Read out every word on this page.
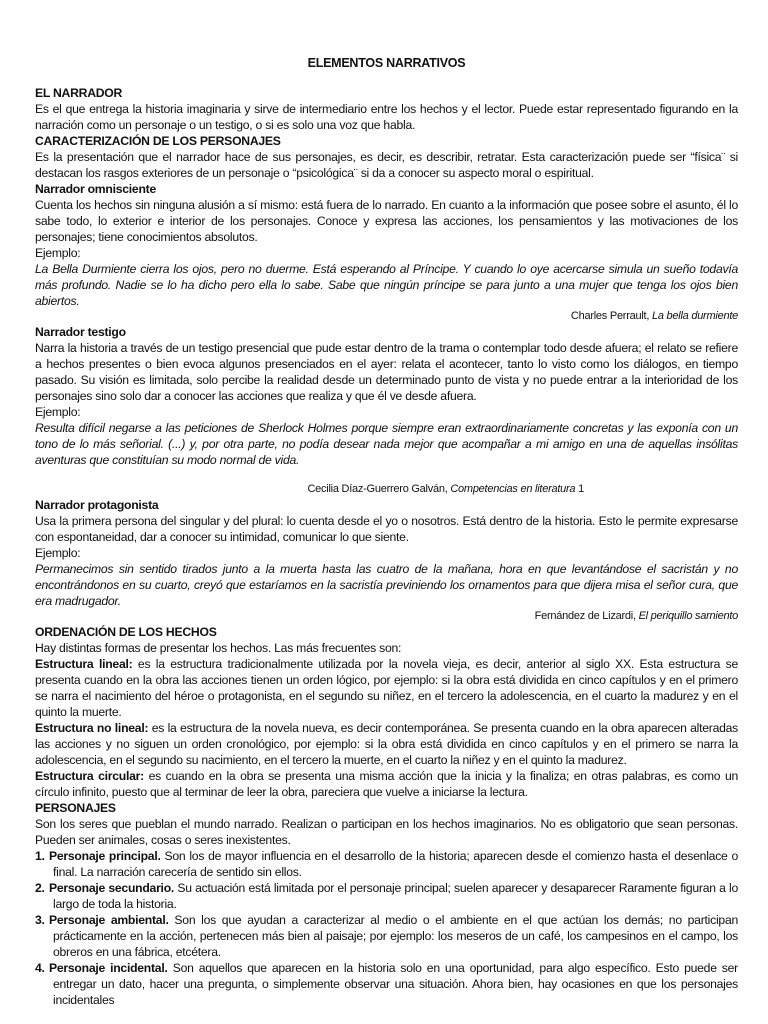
ELEMENTOS NARRATIVOS
EL NARRADOR

Es el que entrega la historia imaginaria y sirve de intermediario entre los hechos y el lector. Puede estar representado figurando en la narración como un personaje o un testigo, o si es solo una voz que habla.

CARACTERIZACIÓN DE LOS PERSONAJES

Es la presentación que el narrador hace de sus personajes, es decir, es describir, retratar. Esta caracterización puede ser “física¨ si destacan los rasgos exteriores de un personaje o “psicológica¨ si da a conocer su aspecto moral o espiritual.

Narrador omnisciente

Cuenta los hechos sin ninguna alusión a sí mismo: está fuera de lo narrado. En cuanto a la información que posee sobre el asunto, él lo sabe todo, lo exterior e interior de los personajes. Conoce y expresa las acciones, los pensamientos y las motivaciones de los personajes; tiene conocimientos absolutos.

Ejemplo:

La Bella Durmiente cierra los ojos, pero no duerme. Está esperando al Príncipe. Y cuando lo oye acercarse simula un sueño todavía más profundo. Nadie se lo ha dicho pero ella lo sabe. Sabe que ningún príncipe se para junto a una mujer que tenga los ojos bien abiertos.

Charles Perrault, La bella durmiente

Narrador testigo

Narra la historia a través de un testigo presencial que pude estar dentro de la trama o contemplar todo desde afuera; el relato se refiere a hechos presentes o bien evoca algunos presenciados en el ayer: relata el acontecer, tanto lo visto como los diálogos, en tiempo pasado. Su visión es limitada, solo percibe la realidad desde un determinado punto de vista y no puede entrar a la interioridad de los personajes sino solo dar a conocer las acciones que realiza y que él ve desde afuera.

Ejemplo:

Resulta difícil negarse a las peticiones de Sherlock Holmes porque siempre eran extraordinariamente concretas y las exponía con un tono de lo más señorial. (...) y, por otra parte, no podía desear nada mejor que acompañar a mi amigo en una de aquellas insólitas aventuras que constituían su modo normal de vida.

Cecilia Díaz-Guerrero Galván, Competencias en literatura 1

Narrador protagonista

Usa la primera persona del singular y del plural: lo cuenta desde el yo o nosotros. Está dentro de la historia. Esto le permite expresarse con espontaneidad, dar a conocer su intimidad, comunicar lo que siente.

Ejemplo:

Permanecimos sin sentido tirados junto a la muerta hasta las cuatro de la mañana, hora en que levantándose el sacristán y no encontrándonos en su cuarto, creyó que estaríamos en la sacristía previniendo los ornamentos para que dijera misa el señor cura, que era madrugador.

Fernández de Lizardi, El periquillo sarniento

ORDENACIÓN DE LOS HECHOS

Hay distintas formas de presentar los hechos. Las más frecuentes son:

Estructura lineal: es la estructura tradicionalmente utilizada por la novela vieja, es decir, anterior al siglo XX. Esta estructura se presenta cuando en la obra las acciones tienen un orden lógico, por ejemplo: si la obra está dividida en cinco capítulos y en el primero se narra el nacimiento del héroe o protagonista, en el segundo su niñez, en el tercero la adolescencia, en el cuarto la madurez y en el quinto la muerte.

Estructura no lineal: es la estructura de la novela nueva, es decir contemporánea. Se presenta cuando en la obra aparecen alteradas las acciones y no siguen un orden cronológico, por ejemplo: si la obra está dividida en cinco capítulos y en el primero se narra la adolescencia, en el segundo su nacimiento, en el tercero la muerte, en el cuarto la niñez y en el quinto la madurez.

Estructura circular: es cuando en la obra se presenta una misma acción que la inicia y la finaliza; en otras palabras, es como un círculo infinito, puesto que al terminar de leer la obra, pareciera que vuelve a iniciarse la lectura.

PERSONAJES

Son los seres que pueblan el mundo narrado. Realizan o participan en los hechos imaginarios. No es obligatorio que sean personas. Pueden ser animales, cosas o seres inexistentes.

1. Personaje principal. Son los de mayor influencia en el desarrollo de la historia; aparecen desde el comienzo hasta el desenlace o final. La narración carecería de sentido sin ellos.
2. Personaje secundario. Su actuación está limitada por el personaje principal; suelen aparecer y desaparecer Raramente figuran a lo largo de toda la historia.
3. Personaje ambiental. Son los que ayudan a caracterizar al medio o el ambiente en el que actúan los demás; no participan prácticamente en la acción, pertenecen más bien al paisaje; por ejemplo: los meseros de un café, los campesinos en el campo, los obreros en una fábrica, etcétera.
4. Personaje incidental. Son aquellos que aparecen en la historia solo en una oportunidad, para algo específico. Esto puede ser entregar un dato, hacer una pregunta, o simplemente observar una situación. Ahora bien, hay ocasiones en que los personajes incidentales
